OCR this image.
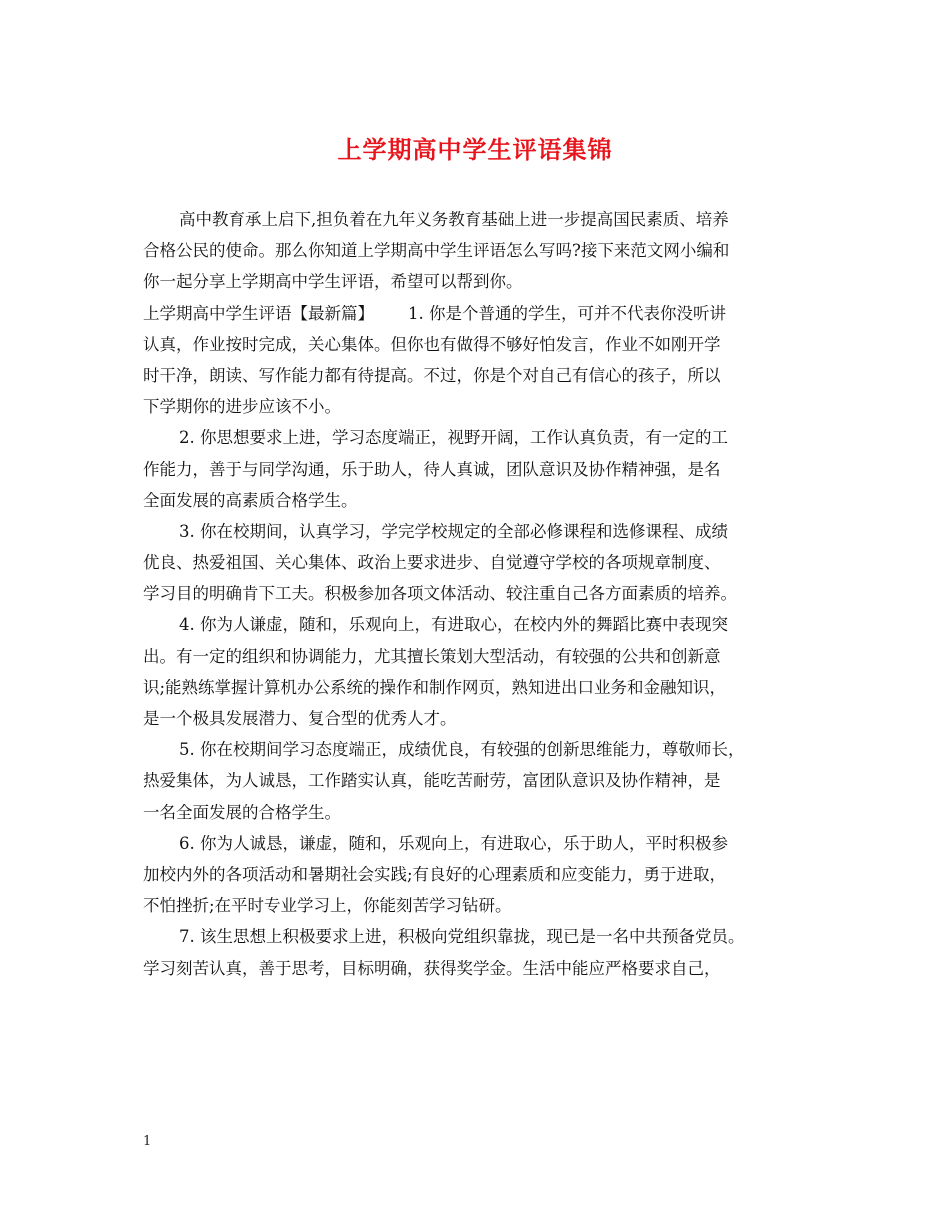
上学期高中学生评语集锦
高中教育承上启下,担负着在九年义务教育基础上进一步提高国民素质、培养
合格公民的使命。那么你知道上学期高中学生评语怎么写吗?接下来范文网小编和
你一起分享上学期高中学生评语，希望可以帮到你。
上学期高中学生评语【最新篇】 1. 你是个普通的学生，可并不代表你没听讲
认真，作业按时完成，关心集体。但你也有做得不够好怕发言，作业不如刚开学
时干净，朗读、写作能力都有待提高。不过，你是个对自己有信心的孩子，所以
下学期你的进步应该不小。
2. 你思想要求上进，学习态度端正，视野开阔，工作认真负责，有一定的工
作能力，善于与同学沟通，乐于助人，待人真诚，团队意识及协作精神强，是名
全面发展的高素质合格学生。
3. 你在校期间，认真学习，学完学校规定的全部必修课程和选修课程、成绩
优良、热爱祖国、关心集体、政治上要求进步、自觉遵守学校的各项规章制度、
学习目的明确肯下工夫。积极参加各项文体活动、较注重自己各方面素质的培养。
4. 你为人谦虚，随和，乐观向上，有进取心，在校内外的舞蹈比赛中表现突
出。有一定的组织和协调能力，尤其擅长策划大型活动，有较强的公共和创新意
识;能熟练掌握计算机办公系统的操作和制作网页，熟知进出口业务和金融知识，
是一个极具发展潜力、复合型的优秀人才。
5. 你在校期间学习态度端正，成绩优良，有较强的创新思维能力，尊敬师长，
热爱集体，为人诚恳，工作踏实认真，能吃苦耐劳，富团队意识及协作精神，是
一名全面发展的合格学生。
6. 你为人诚恳，谦虚，随和，乐观向上，有进取心，乐于助人，平时积极参
加校内外的各项活动和暑期社会实践;有良好的心理素质和应变能力，勇于进取，
不怕挫折;在平时专业学习上，你能刻苦学习钻研。
7. 该生思想上积极要求上进，积极向党组织靠拢，现已是一名中共预备党员。
学习刻苦认真，善于思考，目标明确，获得奖学金。生活中能应严格要求自己，
1
